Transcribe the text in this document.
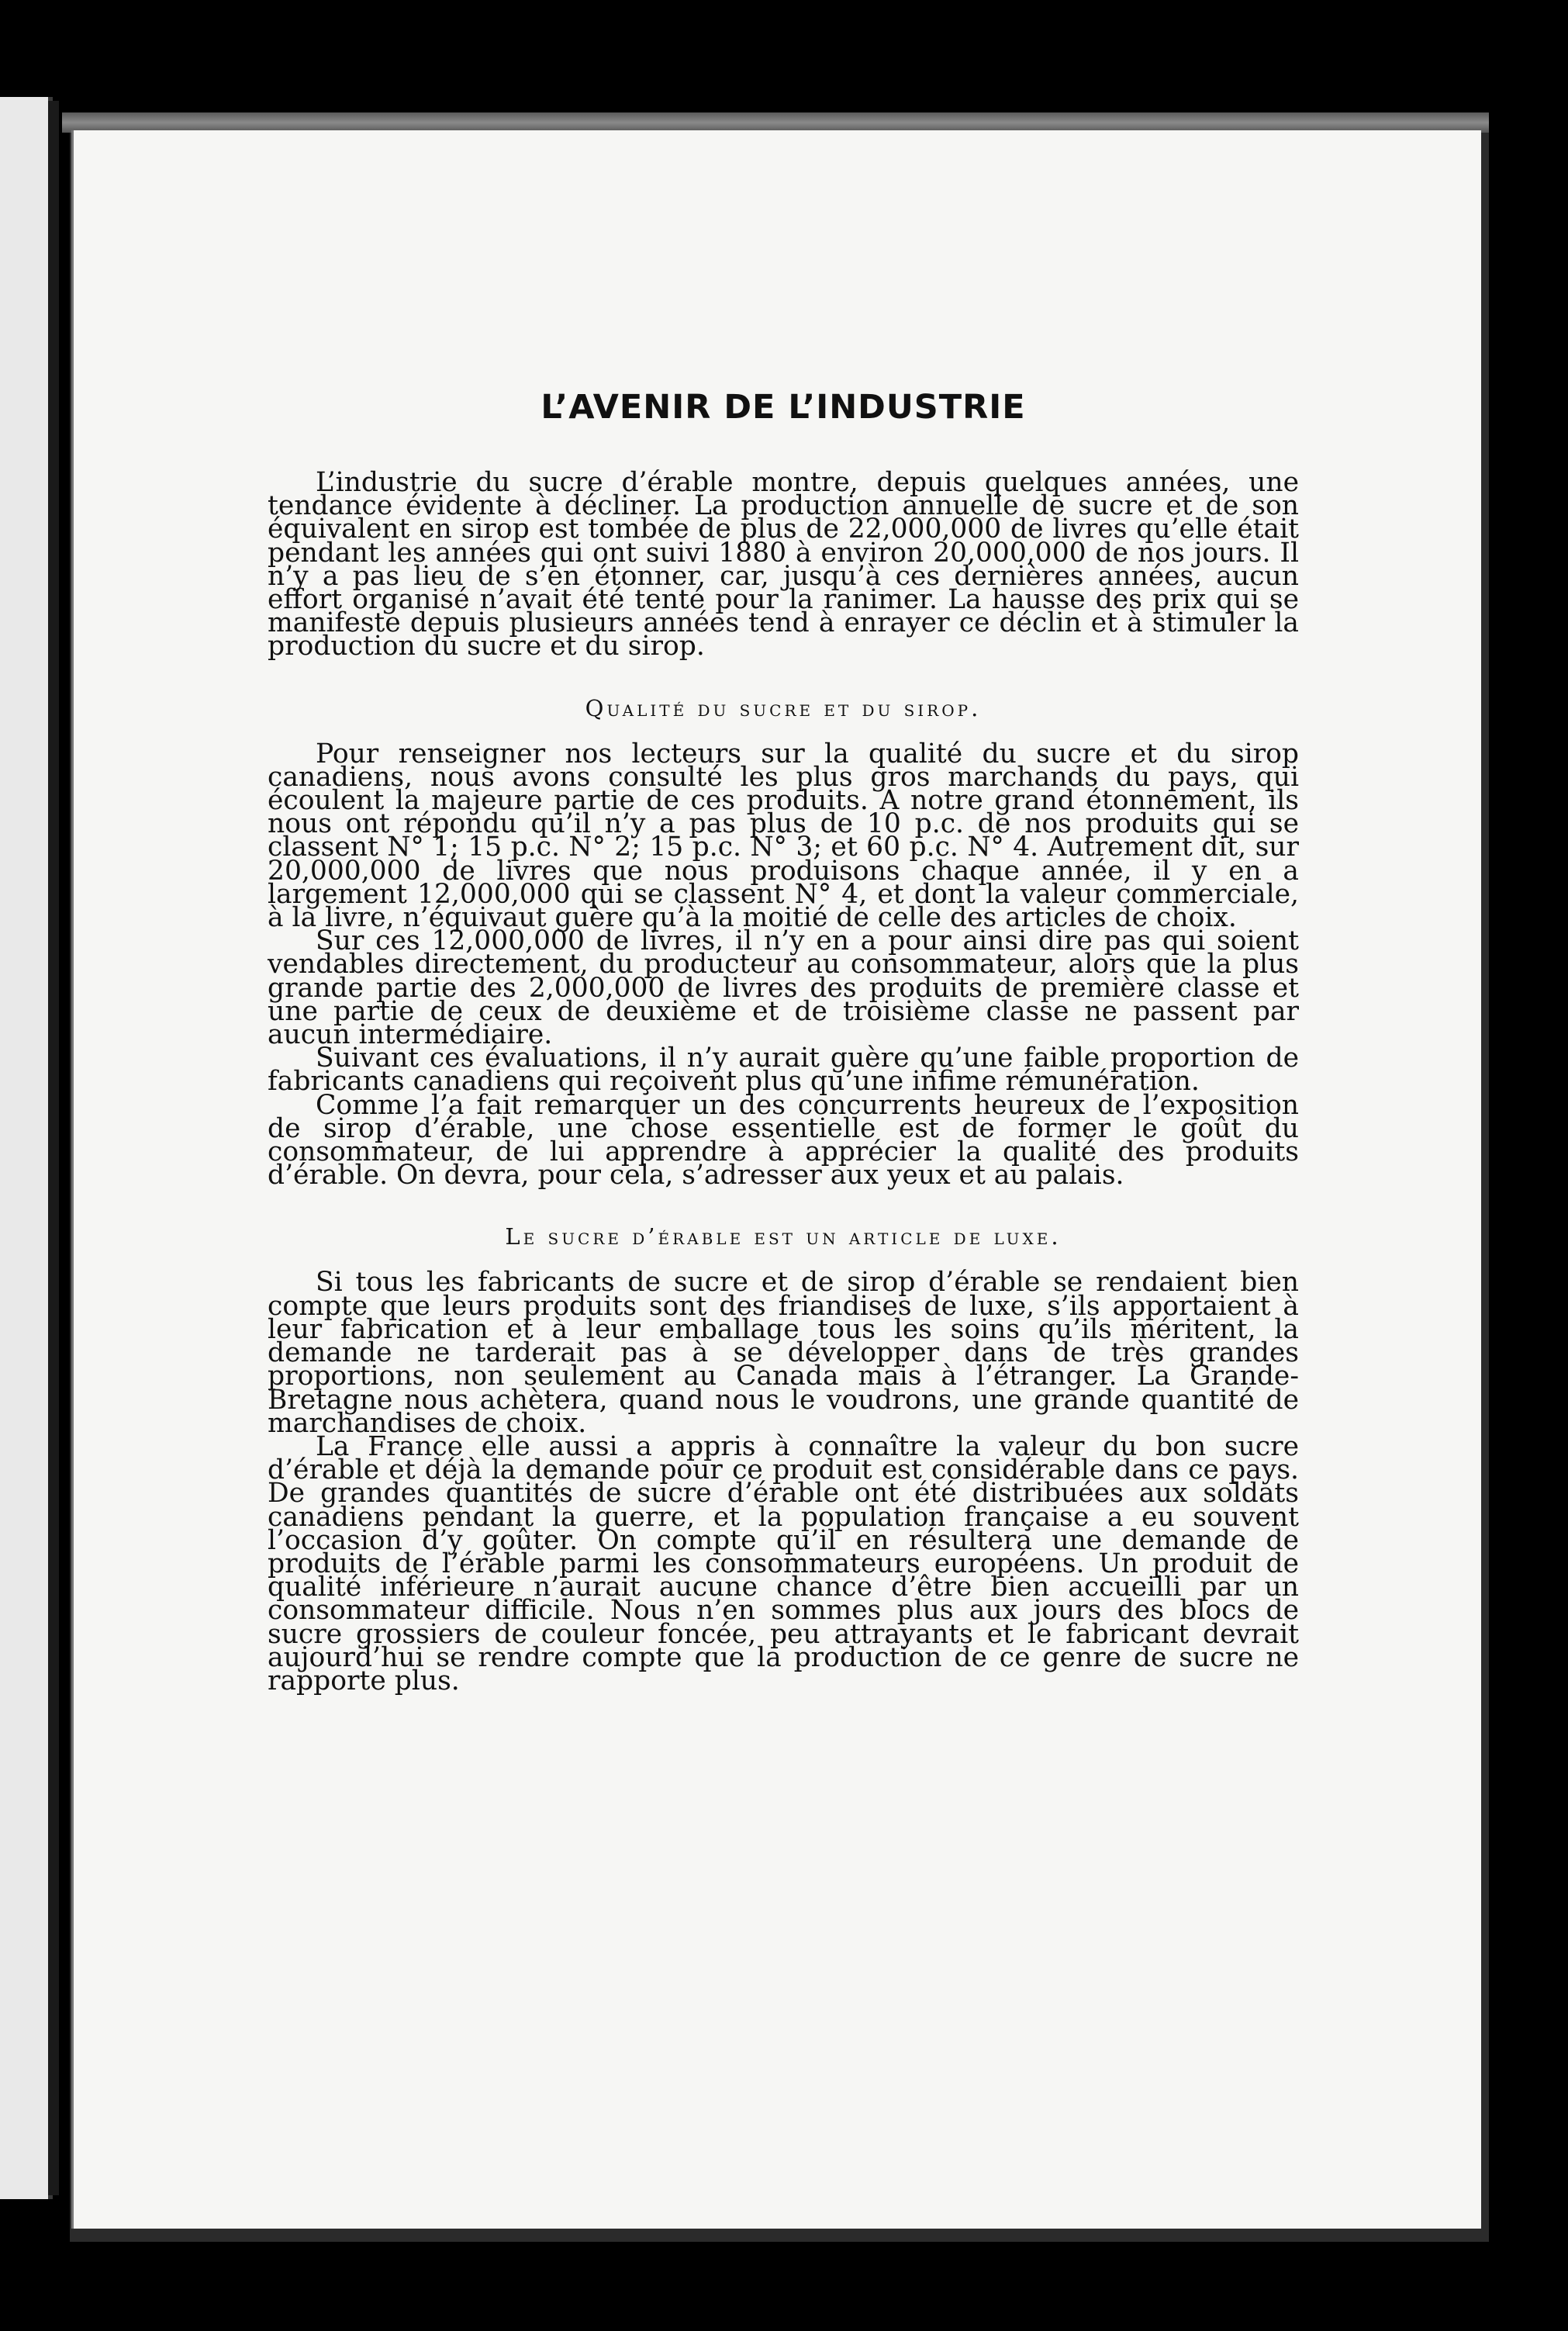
L’AVENIR DE L’INDUSTRIE

L’industrie du sucre d’érable montre, depuis quelques années, une tendance évidente à décliner. La production annuelle de sucre et de son équivalent en sirop est tombée de plus de 22,000,000 de livres qu’elle était pendant les années qui ont suivi 1880 à environ 20,000,000 de nos jours. Il n’y a pas lieu de s’en étonner, car, jusqu’à ces dernières années, aucun effort organisé n’avait été tenté pour la ranimer. La hausse des prix qui se manifeste depuis plusieurs années tend à enrayer ce déclin et à stimuler la production du sucre et du sirop.

Qualité du sucre et du sirop.

Pour renseigner nos lecteurs sur la qualité du sucre et du sirop canadiens, nous avons consulté les plus gros marchands du pays, qui écoulent la majeure partie de ces produits. A notre grand étonnement, ils nous ont répondu qu’il n’y a pas plus de 10 p.c. de nos produits qui se classent N° 1; 15 p.c. N° 2; 15 p.c. N° 3; et 60 p.c. N° 4. Autrement dit, sur 20,000,000 de livres que nous produisons chaque année, il y en a largement 12,000,000 qui se classent N° 4, et dont la valeur commerciale, à la livre, n’équivaut guère qu’à la moitié de celle des articles de choix.

Sur ces 12,000,000 de livres, il n’y en a pour ainsi dire pas qui soient vendables directement, du producteur au consommateur, alors que la plus grande partie des 2,000,000 de livres des produits de première classe et une partie de ceux de deuxième et de troisième classe ne passent par aucun intermédiaire.

Suivant ces évaluations, il n’y aurait guère qu’une faible proportion de fabricants canadiens qui reçoivent plus qu’une infime rémunération.

Comme l’a fait remarquer un des concurrents heureux de l’exposition de sirop d’érable, une chose essentielle est de former le goût du consommateur, de lui apprendre à apprécier la qualité des produits d’érable. On devra, pour cela, s’adresser aux yeux et au palais.

Le sucre d’érable est un article de luxe.

Si tous les fabricants de sucre et de sirop d’érable se rendaient bien compte que leurs produits sont des friandises de luxe, s’ils apportaient à leur fabrication et à leur emballage tous les soins qu’ils méritent, la demande ne tarderait pas à se développer dans de très grandes proportions, non seulement au Canada mais à l’étranger. La Grande-Bretagne nous achètera, quand nous le voudrons, une grande quantité de marchandises de choix.

La France elle aussi a appris à connaître la valeur du bon sucre d’érable et déjà la demande pour ce produit est considérable dans ce pays. De grandes quantités de sucre d’érable ont été distribuées aux soldats canadiens pendant la guerre, et la population française a eu souvent l’occasion d’y goûter. On compte qu’il en résultera une demande de produits de l’érable parmi les consommateurs européens. Un produit de qualité inférieure n’aurait aucune chance d’être bien accueilli par un consommateur difficile. Nous n’en sommes plus aux jours des blocs de sucre grossiers de couleur foncée, peu attrayants et le fabricant devrait aujourd’hui se rendre compte que la production de ce genre de sucre ne rapporte plus.
